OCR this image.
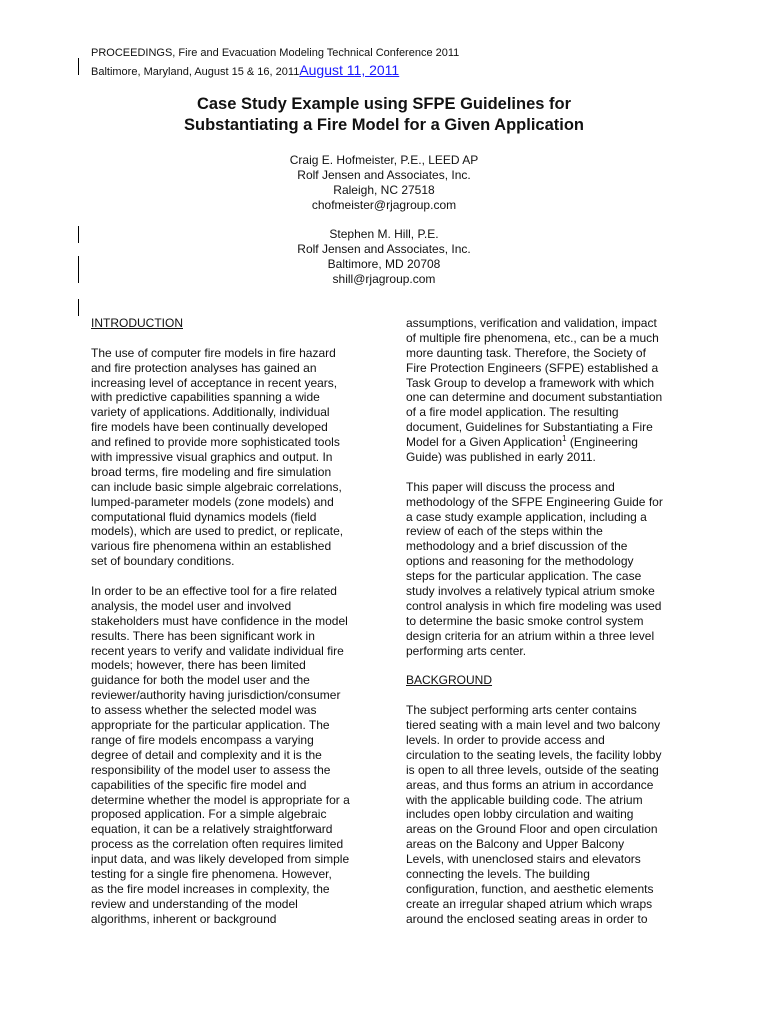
PROCEEDINGS, Fire and Evacuation Modeling Technical Conference 2011
Baltimore, Maryland, August 15 & 16, 2011August 11, 2011
Case Study Example using SFPE Guidelines for
Substantiating a Fire Model for a Given Application
Craig E. Hofmeister, P.E., LEED AP
Rolf Jensen and Associates, Inc.
Raleigh, NC 27518
chofmeister@rjagroup.com
Stephen M. Hill, P.E.
Rolf Jensen and Associates, Inc.
Baltimore, MD 20708
shill@rjagroup.com
INTRODUCTION
The use of computer fire models in fire hazard
and fire protection analyses has gained an
increasing level of acceptance in recent years,
with predictive capabilities spanning a wide
variety of applications. Additionally, individual
fire models have been continually developed
and refined to provide more sophisticated tools
with impressive visual graphics and output. In
broad terms, fire modeling and fire simulation
can include basic simple algebraic correlations,
lumped-parameter models (zone models) and
computational fluid dynamics models (field
models), which are used to predict, or replicate,
various fire phenomena within an established
set of boundary conditions.
In order to be an effective tool for a fire related
analysis, the model user and involved
stakeholders must have confidence in the model
results. There has been significant work in
recent years to verify and validate individual fire
models; however, there has been limited
guidance for both the model user and the
reviewer/authority having jurisdiction/consumer
to assess whether the selected model was
appropriate for the particular application. The
range of fire models encompass a varying
degree of detail and complexity and it is the
responsibility of the model user to assess the
capabilities of the specific fire model and
determine whether the model is appropriate for a
proposed application. For a simple algebraic
equation, it can be a relatively straightforward
process as the correlation often requires limited
input data, and was likely developed from simple
testing for a single fire phenomena. However,
as the fire model increases in complexity, the
review and understanding of the model
algorithms, inherent or background
assumptions, verification and validation, impact
of multiple fire phenomena, etc., can be a much
more daunting task. Therefore, the Society of
Fire Protection Engineers (SFPE) established a
Task Group to develop a framework with which
one can determine and document substantiation
of a fire model application. The resulting
document, Guidelines for Substantiating a Fire
Model for a Given Application$^1$ (Engineering
Guide) was published in early 2011.
This paper will discuss the process and
methodology of the SFPE Engineering Guide for
a case study example application, including a
review of each of the steps within the
methodology and a brief discussion of the
options and reasoning for the methodology
steps for the particular application. The case
study involves a relatively typical atrium smoke
control analysis in which fire modeling was used
to determine the basic smoke control system
design criteria for an atrium within a three level
performing arts center.
BACKGROUND
The subject performing arts center contains
tiered seating with a main level and two balcony
levels. In order to provide access and
circulation to the seating levels, the facility lobby
is open to all three levels, outside of the seating
areas, and thus forms an atrium in accordance
with the applicable building code. The atrium
includes open lobby circulation and waiting
areas on the Ground Floor and open circulation
areas on the Balcony and Upper Balcony
Levels, with unenclosed stairs and elevators
connecting the levels. The building
configuration, function, and aesthetic elements
create an irregular shaped atrium which wraps
around the enclosed seating areas in order to
